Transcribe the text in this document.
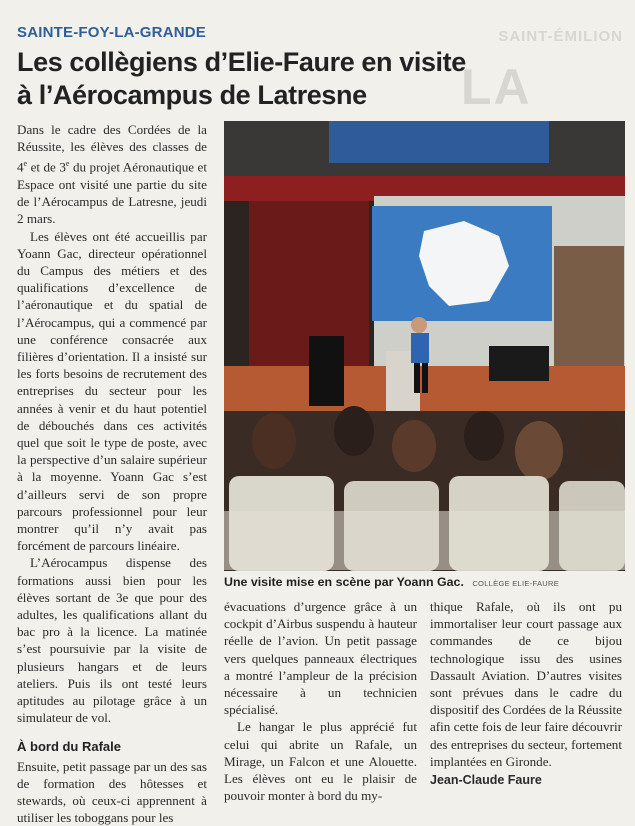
SAINT-ÉMILION
LA
SAINTE-FOY-LA-GRANDE
Les collègiens d’Elie-Faure en visite
à l’Aérocampus de Latresne

Dans le cadre des Cordées de la Réussite, les élèves des classes de 4e et de 3e du projet Aéronautique et Espace ont visité une partie du site de l’Aérocampus de Latresne, jeudi 2 mars.

Les élèves ont été accueillis par Yoann Gac, directeur opérationnel du Campus des métiers et des qualifications d’excellence de l’aéronautique et du spatial de l’Aérocampus, qui a commencé par une conférence consacrée aux filières d’orientation. Il a insisté sur les forts besoins de recrutement des entreprises du secteur pour les années à venir et du haut potentiel de débouchés dans ces activités quel que soit le type de poste, avec la perspective d’un salaire supérieur à la moyenne. Yoann Gac s’est d’ailleurs servi de son propre parcours professionnel pour leur montrer qu’il n’y avait pas forcément de parcours linéaire.

L’Aérocampus dispense des formations aussi bien pour les élèves sortant de 3e que pour des adultes, les qualifications allant du bac pro à la licence. La matinée s’est poursuivie par la visite de plusieurs hangars et de leurs ateliers. Puis ils ont testé leurs aptitudes au pilotage grâce à un simulateur de vol.

À bord du Rafale

Ensuite, petit passage par un des sas de formation des hôtesses et stewards, où ceux-ci apprennent à utiliser les toboggans pour les

Une visite mise en scène par Yoann Gac. COLLÈGE ELIE-FAURE

évacuations d’urgence grâce à un cockpit d’Airbus suspendu à hauteur réelle de l’avion. Un petit passage vers quelques panneaux électriques a montré l’ampleur de la précision nécessaire à un technicien spécialisé.

Le hangar le plus apprécié fut celui qui abrite un Rafale, un Mirage, un Falcon et une Alouette. Les élèves ont eu le plaisir de pouvoir monter à bord du my-

thique Rafale, où ils ont pu immortaliser leur court passage aux commandes de ce bijou technologique issu des usines Dassault Aviation. D’autres visites sont prévues dans le cadre du dispositif des Cordées de la Réussite afin cette fois de leur faire découvrir des entreprises du secteur, fortement implantées en Gironde.

Jean-Claude Faure
